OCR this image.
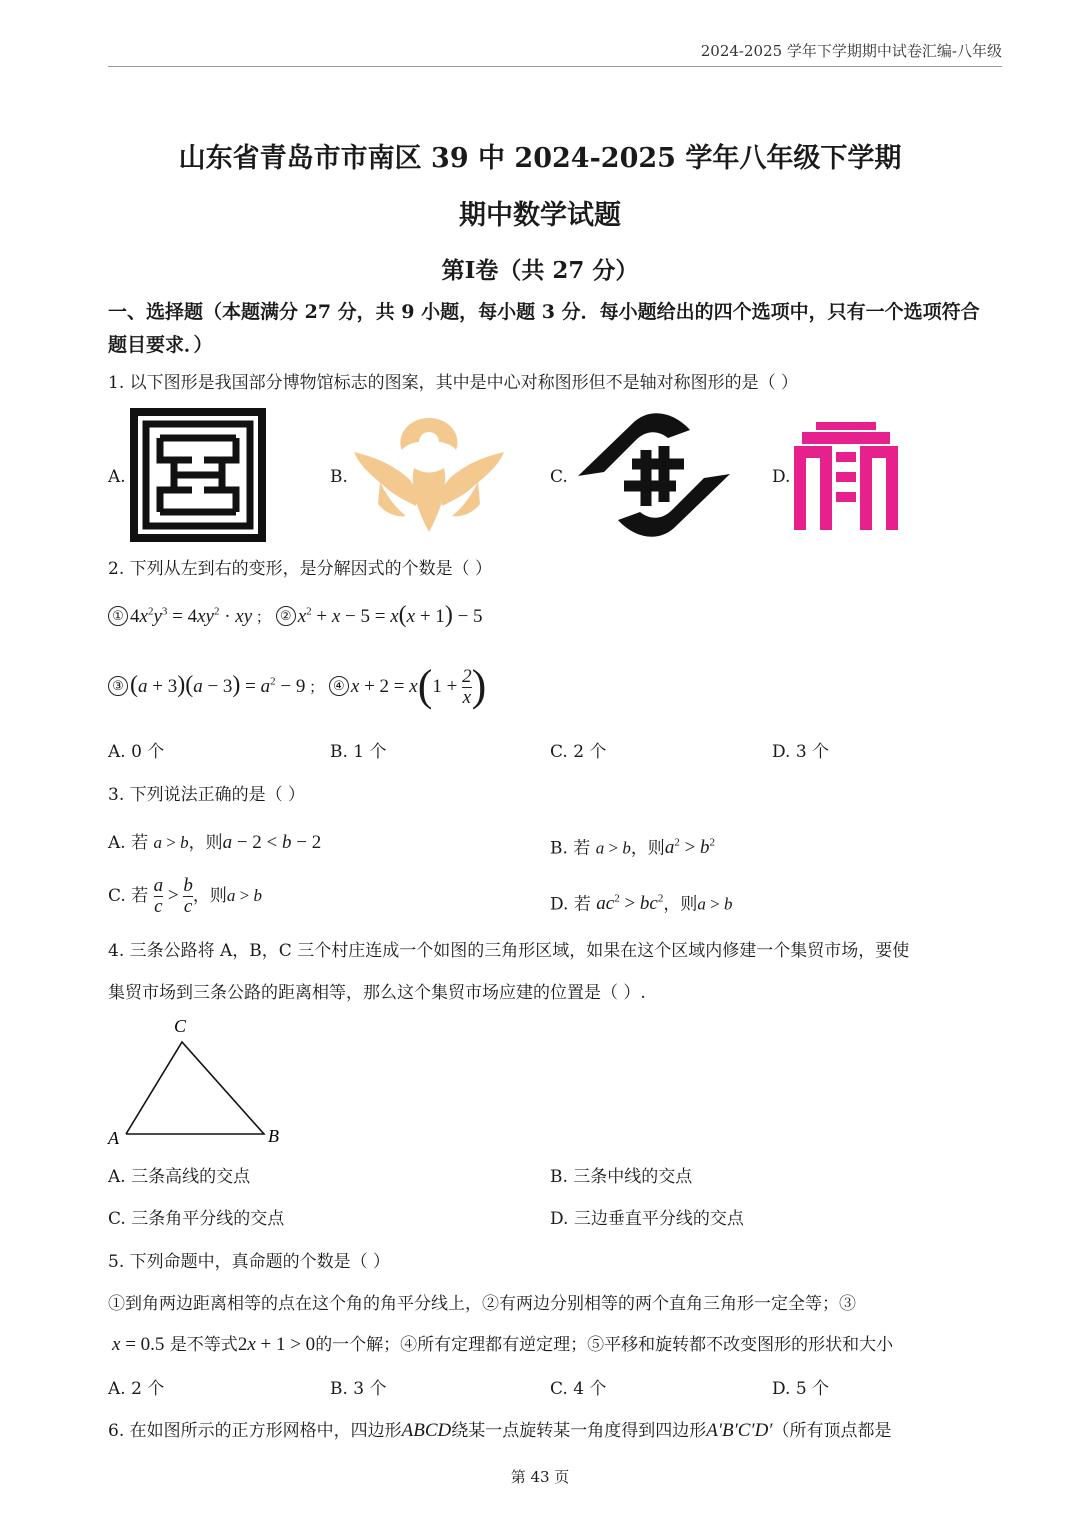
2024-2025 学年下学期期中试卷汇编-八年级
山东省青岛市市南区 39 中 2024-2025 学年八年级下学期
期中数学试题
第Ⅰ卷（共 27 分）
一、选择题（本题满分 27 分，共 9 小题，每小题 3 分．每小题给出的四个选项中，只有一个选项符合题目要求．）
1. 以下图形是我国部分博物馆标志的图案，其中是中心对称图形但不是轴对称图形的是（ ）
A.	B.	C.	D.
2. 下列从左到右的变形，是分解因式的个数是（ ）
① $4x^2y^3 = 4xy^2$ · xy ； ② $x^2 + x - 5 = x(x + 1) - 5$
③ $(a + 3)(a - 3) = a^2 - 9$ ； ④ $x + 2 = x(1 + \frac{2}{x}$ )
A. 0 个	B. 1 个	C. 2 个	D. 3 个
3. 下列说法正确的是（ ）
A. 若 a > b，则a − 2 < b − 2	B. 若 a > b，则$a^2 > b^2$
C. 若 $\frac{a}{c} > \frac{b}{c}$ ，则a > b	D. 若 $ac^2 > bc^2$，则a > b
4. 三条公路将 A，B，C 三个村庄连成一个如图的三角形区域，如果在这个区域内修建一个集贸市场，要使
集贸市场到三条公路的距离相等，那么这个集贸市场应建的位置是（ ）.
A	B
C
A. 三条高线的交点	B. 三条中线的交点
C. 三条角平分线的交点	D. 三边垂直平分线的交点
5. 下列命题中，真命题的个数是（ ）
①到角两边距离相等的点在这个角的角平分线上，②有两边分别相等的两个直角三角形一定全等；③
x = 0.5 是不等式2x + 1 > 0的一个解；④所有定理都有逆定理；⑤平移和旋转都不改变图形的形状和大小
A. 2 个	B. 3 个	C. 4 个	D. 5 个
6. 在如图所示的正方形网格中，四边形ABCD绕某一点旋转某一角度得到四边形A′B′C′D′（所有顶点都是
第 43 页
